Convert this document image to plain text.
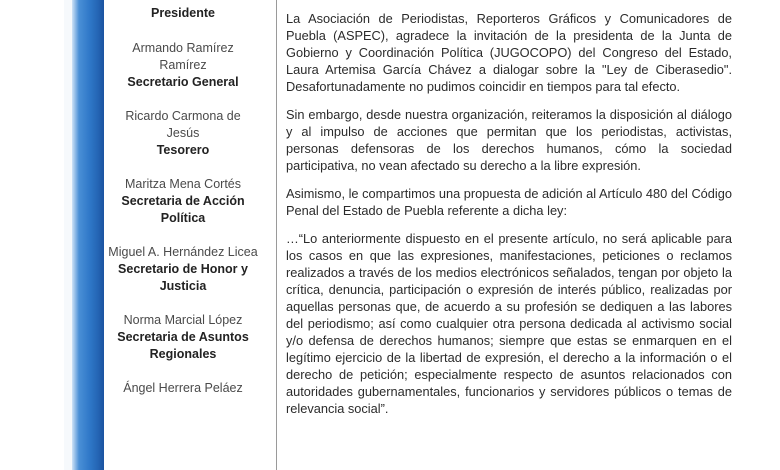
Presidente
Armando Ramírez Ramírez
Secretario General
Ricardo Carmona de Jesús
Tesorero
Maritza Mena Cortés
Secretaria de Acción Política
Miguel A. Hernández Licea
Secretario de Honor y Justicia
Norma Marcial López
Secretaria de Asuntos Regionales
Ángel Herrera Peláez

La Asociación de Periodistas, Reporteros Gráficos y Comunicadores de Puebla (ASPEC), agradece la invitación de la presidenta de la Junta de Gobierno y Coordinación Política (JUGOCOPO) del Congreso del Estado, Laura Artemisa García Chávez a dialogar sobre la "Ley de Ciberasedio". Desafortunadamente no pudimos coincidir en tiempos para tal efecto.

Sin embargo, desde nuestra organización, reiteramos la disposición al diálogo y al impulso de acciones que permitan que los periodistas, activistas, personas defensoras de los derechos humanos, cómo la sociedad participativa, no vean afectado su derecho a la libre expresión.

Asimismo, le compartimos una propuesta de adición al Artículo 480 del Código Penal del Estado de Puebla referente a dicha ley:

…“Lo anteriormente dispuesto en el presente artículo, no será aplicable para los casos en que las expresiones, manifestaciones, peticiones o reclamos realizados a través de los medios electrónicos señalados, tengan por objeto la crítica, denuncia, participación o expresión de interés público, realizadas por aquellas personas que, de acuerdo a su profesión se dediquen a las labores del periodismo; así como cualquier otra persona dedicada al activismo social y/o defensa de derechos humanos; siempre que estas se enmarquen en el legítimo ejercicio de la libertad de expresión, el derecho a la información o el derecho de petición; especialmente respecto de asuntos relacionados con autoridades gubernamentales, funcionarios y servidores públicos o temas de relevancia social”.
